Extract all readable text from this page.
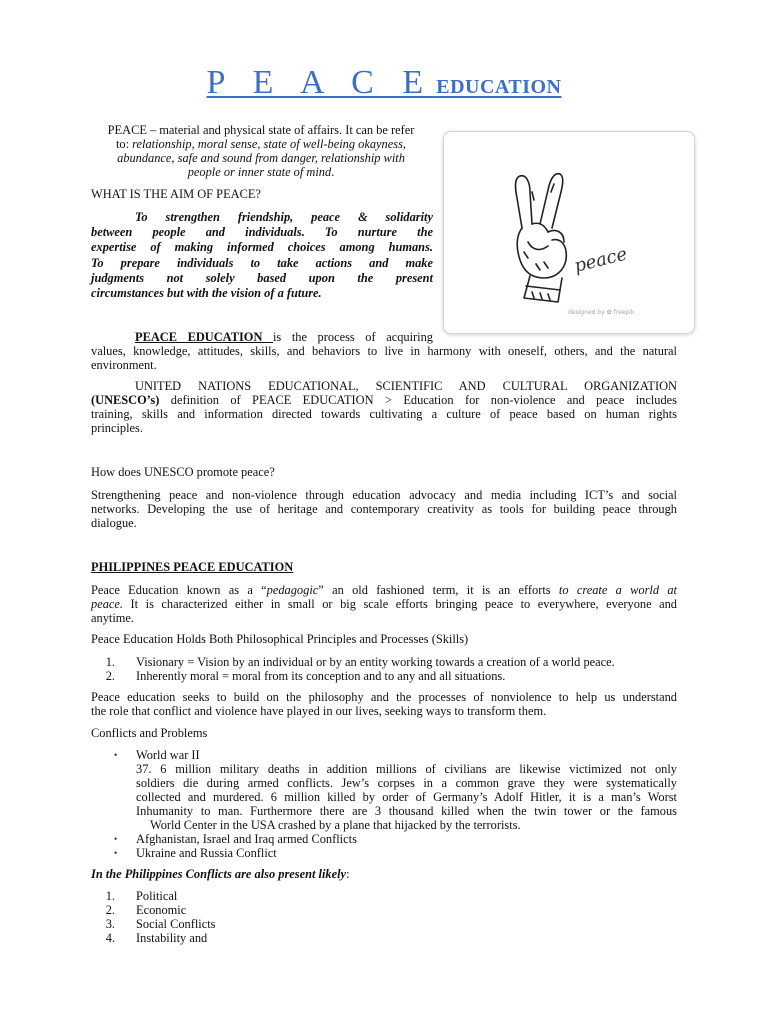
P E A C E EDUCATION

PEACE – material and physical state of affairs. It can be refer

to: relationship, moral sense, state of well-being okayness,

abundance, safe and sound from danger, relationship with

people or inner state of mind.

WHAT IS THE AIM OF PEACE?

To strengthen friendship, peace & solidarity

between people and individuals. To nurture the

expertise of making informed choices among humans.

To prepare individuals to take actions and make

judgments not solely based upon the present

circumstances but with the vision of a future.

peace
designed by ✿ freepik

PEACE EDUCATION is the process of acquiring

values, knowledge, attitudes, skills, and behaviors to live in harmony with oneself, others, and the natural

environment.

UNITED NATIONS EDUCATIONAL, SCIENTIFIC AND CULTURAL ORGANIZATION

(UNESCO’s) definition of PEACE EDUCATION > Education for non-violence and peace includes

training, skills and information directed towards cultivating a culture of peace based on human rights

principles.

How does UNESCO promote peace?

Strengthening peace and non-violence through education advocacy and media including ICT’s and social

networks. Developing the use of heritage and contemporary creativity as tools for building peace through

dialogue.

PHILIPPINES PEACE EDUCATION

Peace Education known as a “pedagogic” an old fashioned term, it is an efforts to create a world at

peace. It is characterized either in small or big scale efforts bringing peace to everywhere, everyone and

anytime.

Peace Education Holds Both Philosophical Principles and Processes (Skills)
1. Visionary = Vision by an individual or by an entity working towards a creation of a world peace.
2. Inherently moral = moral from its conception and to any and all situations.

Peace education seeks to build on the philosophy and the processes of nonviolence to help us understand

the role that conflict and violence have played in our lives, seeking ways to transform them.

Conflicts and Problems
• World war II

37. 6 million military deaths in addition millions of civilians are likewise victimized not only

soldiers die during armed conflicts. Jew’s corpses in a common grave they were systematically

collected and murdered. 6 million killed by order of Germany’s Adolf Hitler, it is a man’s Worst

Inhumanity to man. Furthermore there are 3 thousand killed when the twin tower or the famous

World Center in the USA crashed by a plane that hijacked by the terrorists.

• Afghanistan, Israel and Iraq armed Conflicts
• Ukraine and Russia Conflict
In the Philippines Conflicts are also present likely:
1. Political
2. Economic
3. Social Conflicts
4. Instability and
